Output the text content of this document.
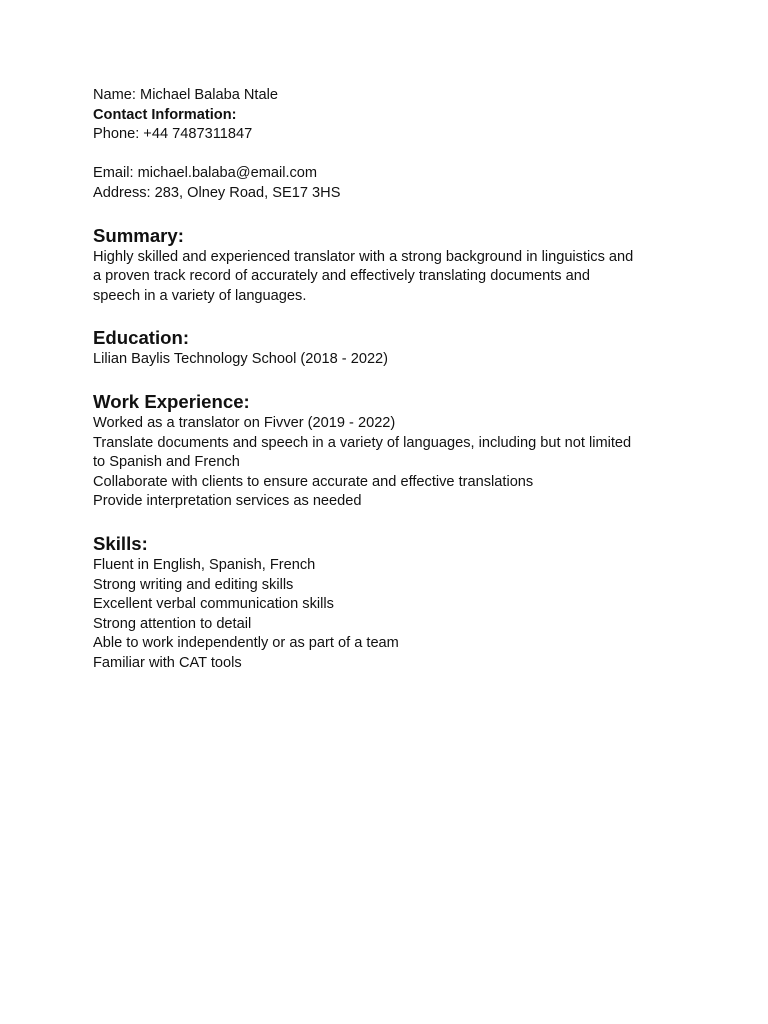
Name: Michael Balaba Ntale
Contact Information:
Phone: +44 7487311847
Email: michael.balaba@email.com
Address: 283, Olney Road, SE17 3HS
Summary:
Highly skilled and experienced translator with a strong background in linguistics and
a proven track record of accurately and effectively translating documents and
speech in a variety of languages.
Education:
Lilian Baylis Technology School (2018 - 2022)
Work Experience:
Worked as a translator on Fivver (2019 - 2022)
Translate documents and speech in a variety of languages, including but not limited
to Spanish and French
Collaborate with clients to ensure accurate and effective translations
Provide interpretation services as needed
Skills:
Fluent in English, Spanish, French
Strong writing and editing skills
Excellent verbal communication skills
Strong attention to detail
Able to work independently or as part of a team
Familiar with CAT tools
